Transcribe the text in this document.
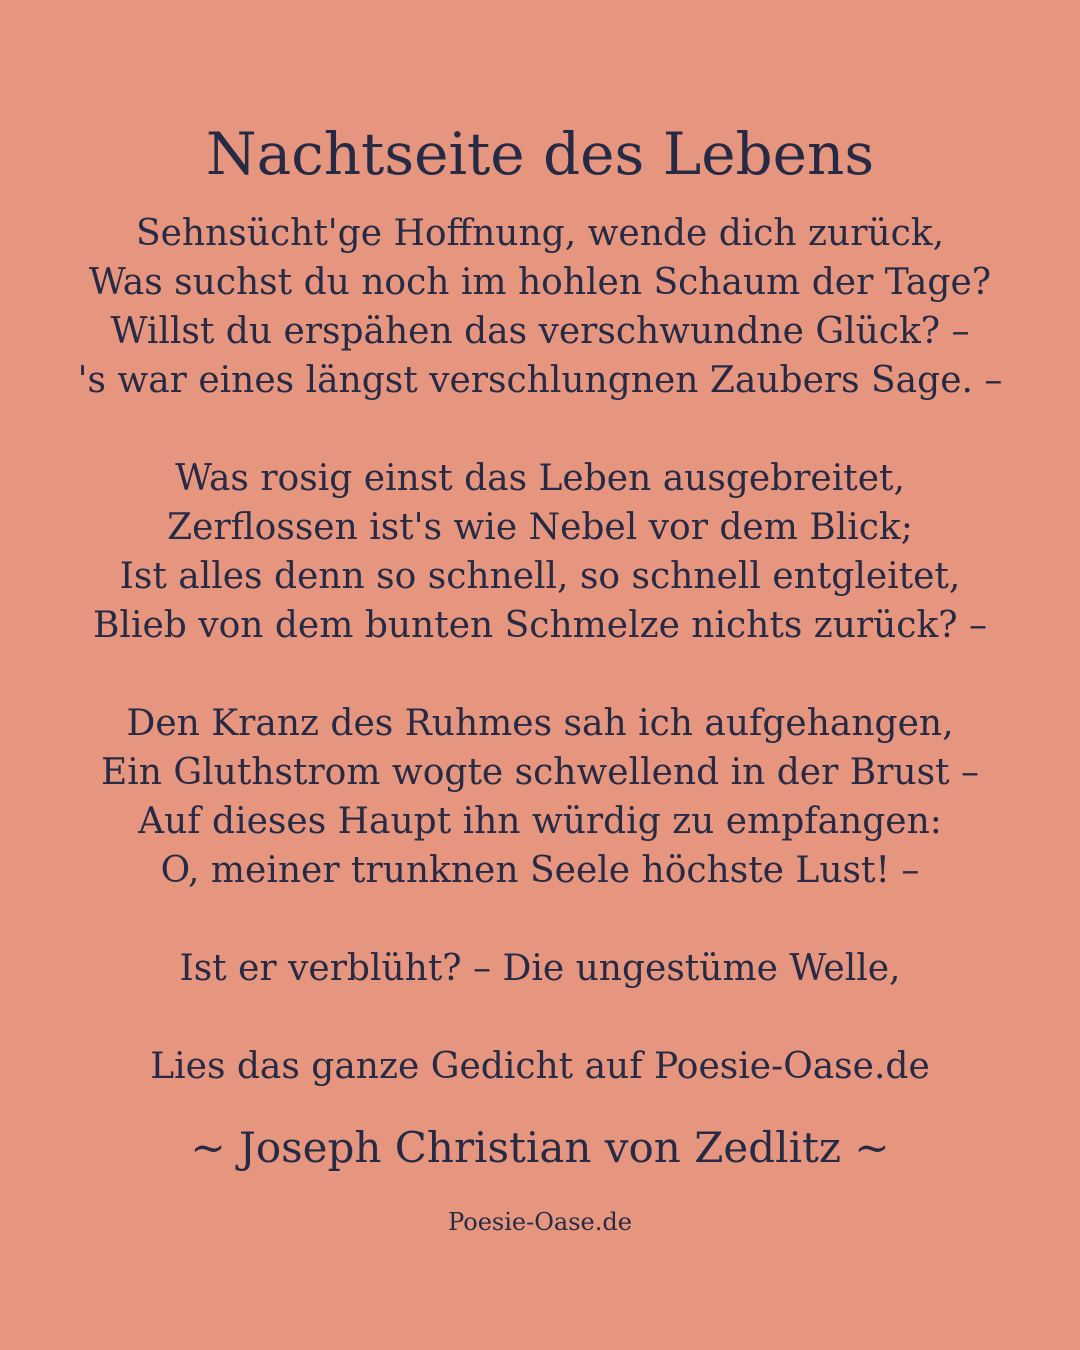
Nachtseite des Lebens
Sehnsücht'ge Hoffnung, wende dich zurück,
Was suchst du noch im hohlen Schaum der Tage?
Willst du erspähen das verschwundne Glück? –
's war eines längst verschlungnen Zaubers Sage. –
Was rosig einst das Leben ausgebreitet,
Zerflossen ist's wie Nebel vor dem Blick;
Ist alles denn so schnell, so schnell entgleitet,
Blieb von dem bunten Schmelze nichts zurück? –
Den Kranz des Ruhmes sah ich aufgehangen,
Ein Gluthstrom wogte schwellend in der Brust –
Auf dieses Haupt ihn würdig zu empfangen:
O, meiner trunknen Seele höchste Lust! –
Ist er verblüht? – Die ungestüme Welle,
Lies das ganze Gedicht auf Poesie-Oase.de
~ Joseph Christian von Zedlitz ~
Poesie-Oase.de
